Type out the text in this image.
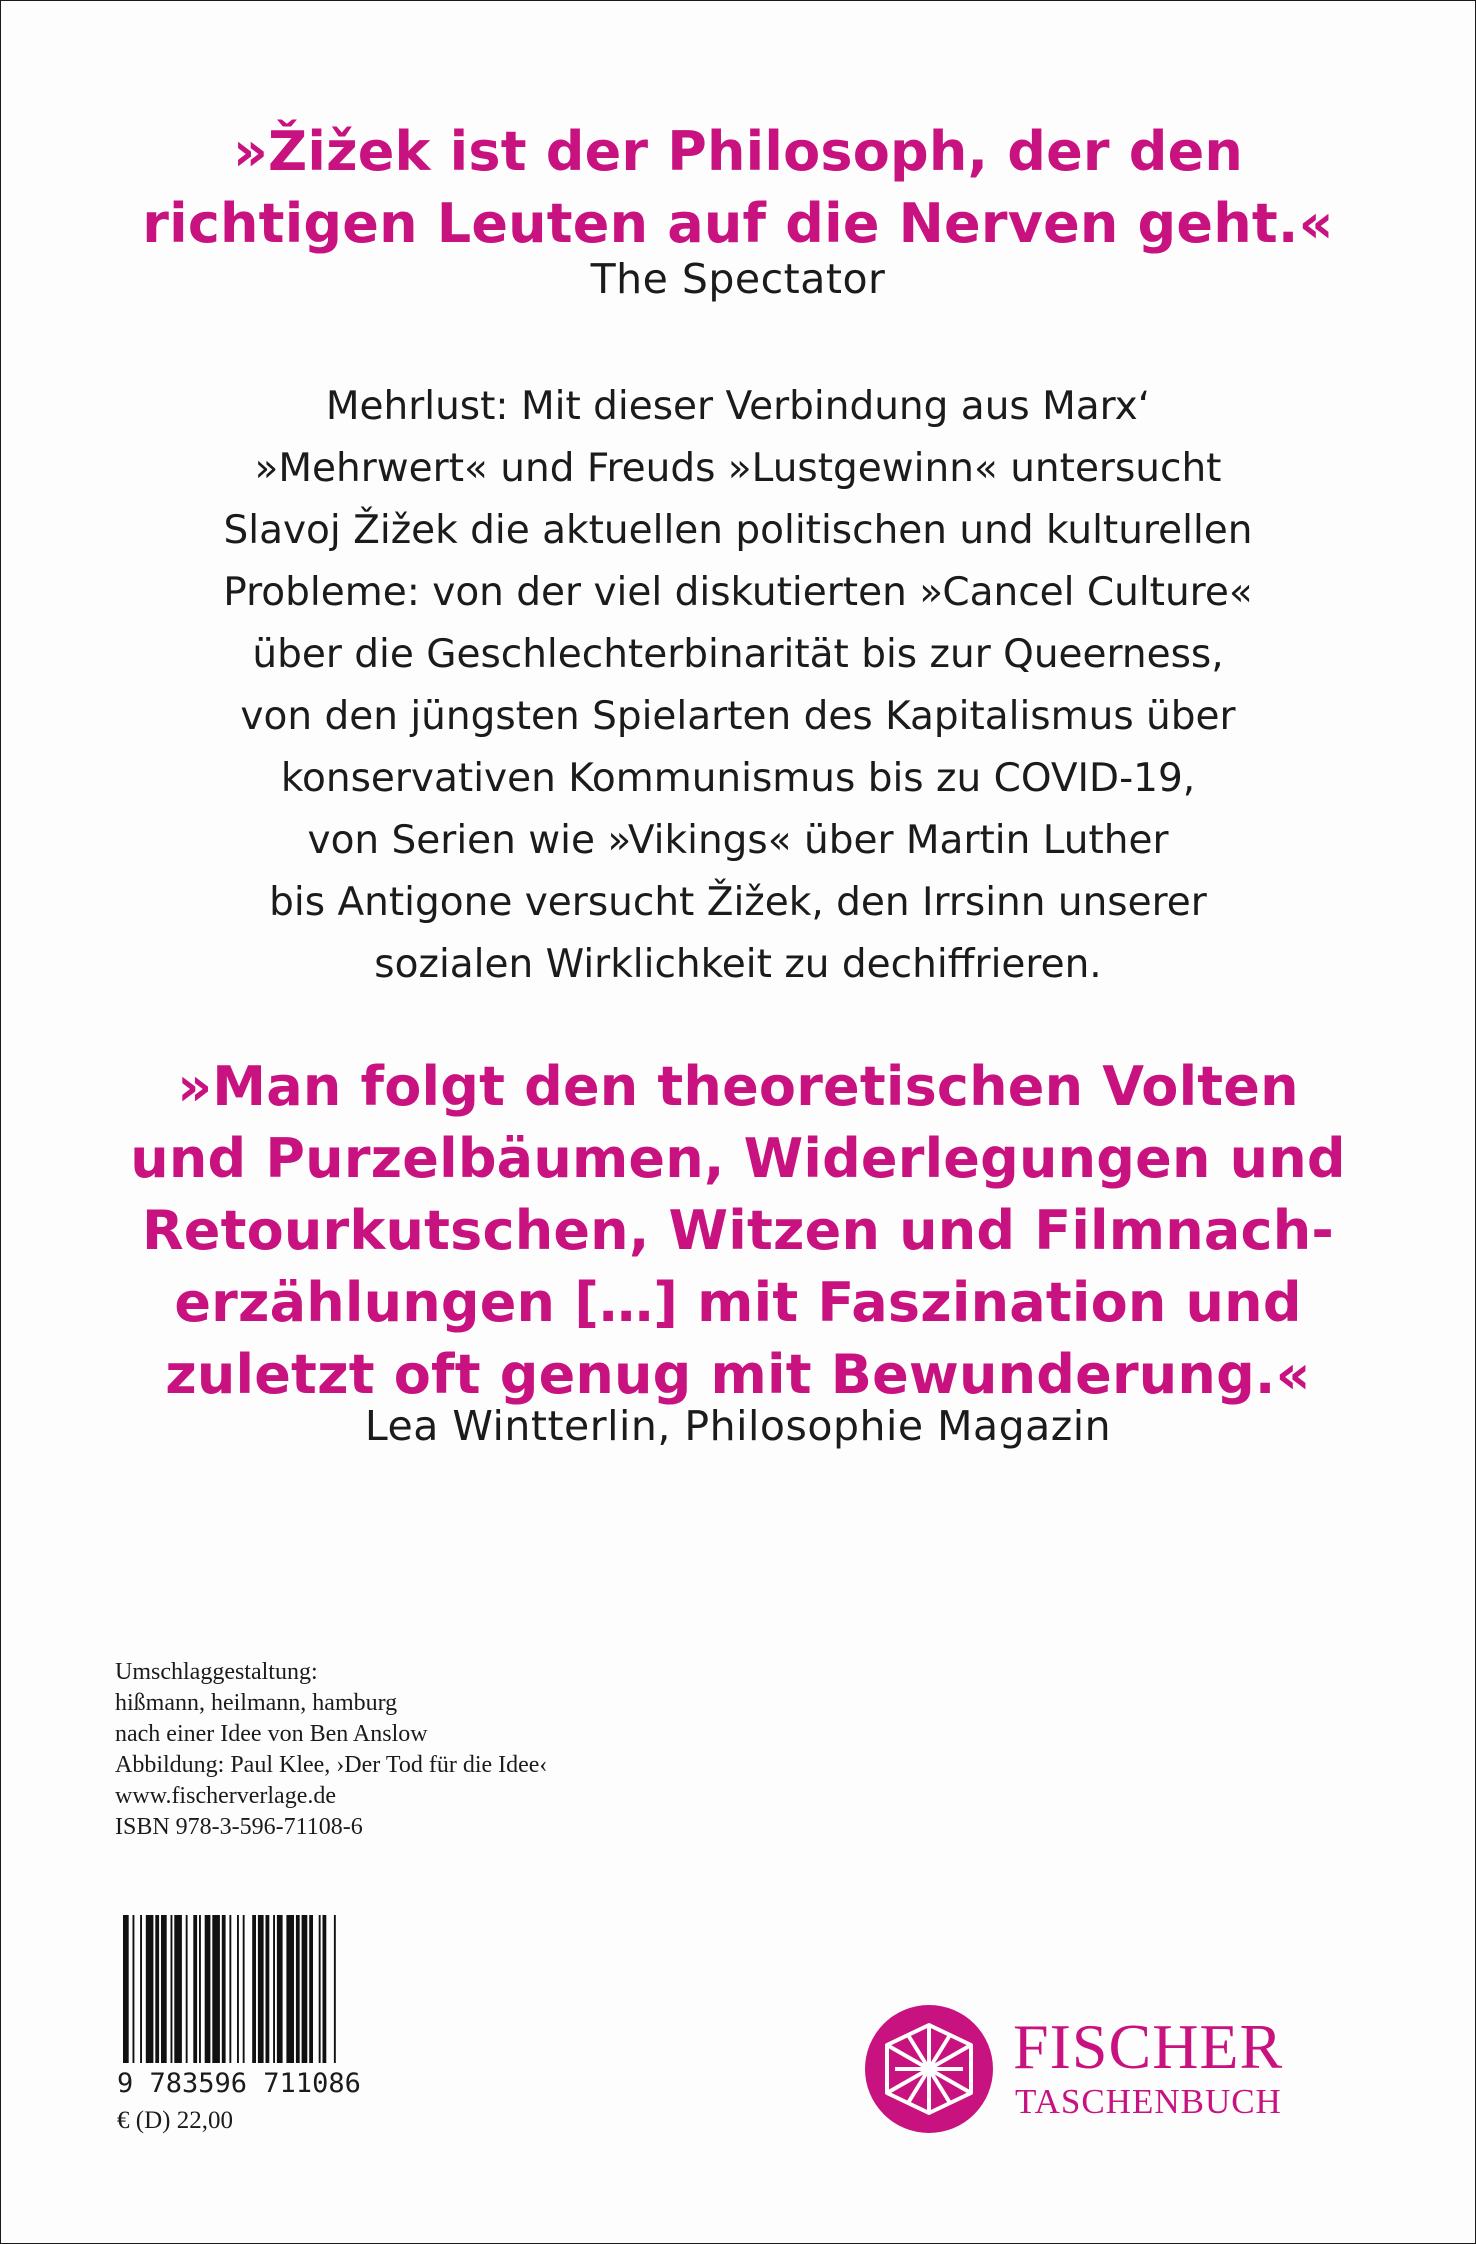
»Žižek ist der Philosoph, der den
richtigen Leuten auf die Nerven geht.«
The Spectator
Mehrlust: Mit dieser Verbindung aus Marx‘
»Mehrwert« und Freuds »Lustgewinn« untersucht
Slavoj Žižek die aktuellen politischen und kulturellen
Probleme: von der viel diskutierten »Cancel Culture«
über die Geschlechterbinarität bis zur Queerness,
von den jüngsten Spielarten des Kapitalismus über
konservativen Kommunismus bis zu COVID-19,
von Serien wie »Vikings« über Martin Luther
bis Antigone versucht Žižek, den Irrsinn unserer
sozialen Wirklichkeit zu dechiffrieren.
»Man folgt den theoretischen Volten
und Purzelbäumen, Widerlegungen und
Retourkutschen, Witzen und Filmnach-
erzählungen […] mit Faszination und
zuletzt oft genug mit Bewunderung.«
Lea Wintterlin, Philosophie Magazin
Umschlaggestaltung:
hißmann, heilmann, hamburg
nach einer Idee von Ben Anslow
Abbildung: Paul Klee, ›Der Tod für die Idee‹
www.fischerverlage.de
ISBN 978-3-596-71108-6
9 783596 711086
€ (D) 22,00
FISCHER
TASCHENBUCH
